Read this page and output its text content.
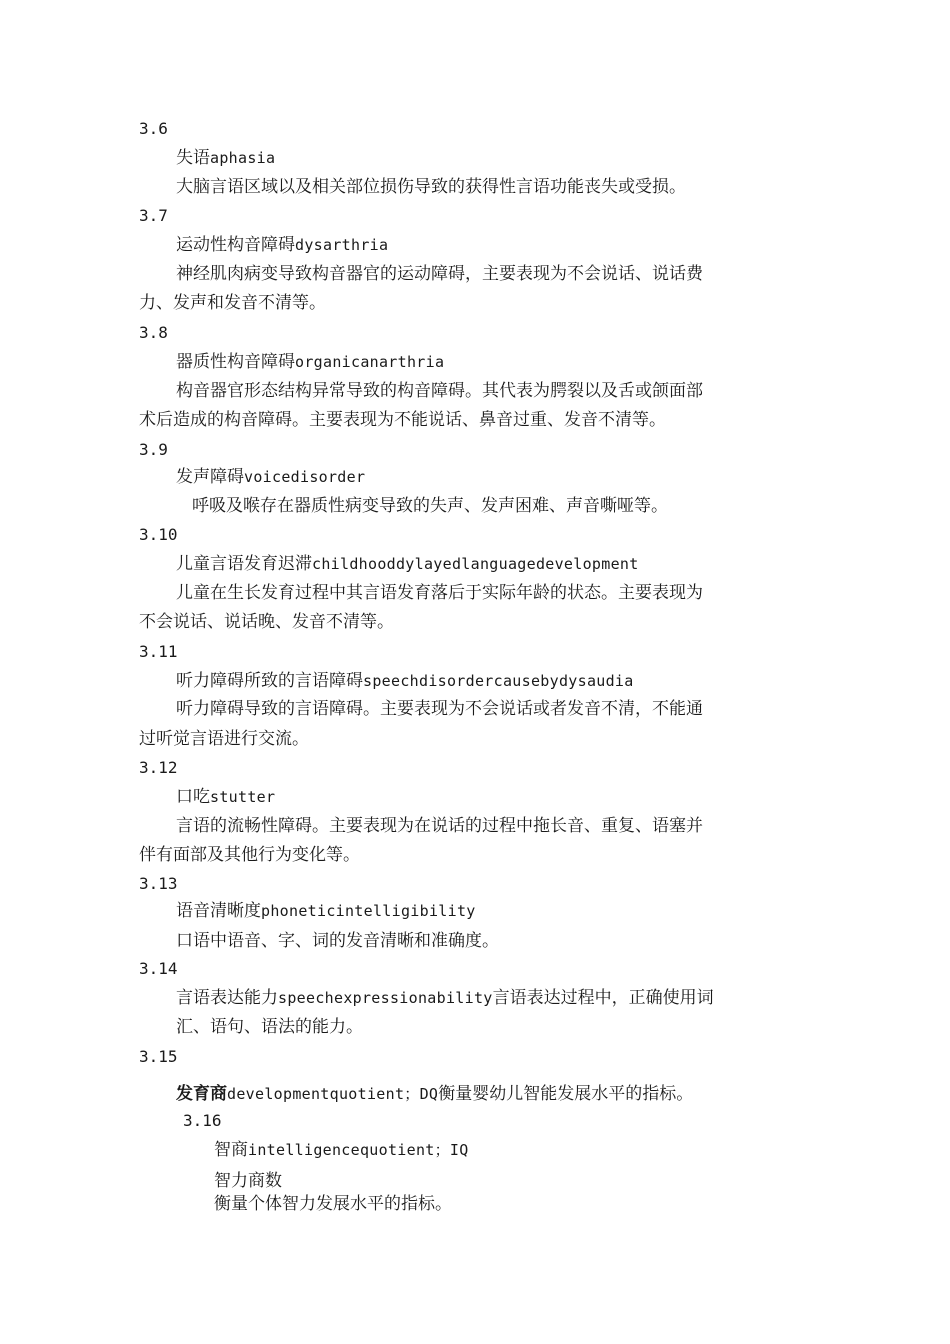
3.6
失语aphasia
大脑言语区域以及相关部位损伤导致的获得性言语功能丧失或受损。
3.7
运动性构音障碍dysarthria
神经肌肉病变导致构音器官的运动障碍，主要表现为不会说话、说话费
力、发声和发音不清等。
3.8
器质性构音障碍organicanarthria
构音器官形态结构异常导致的构音障碍。其代表为腭裂以及舌或颌面部
术后造成的构音障碍。主要表现为不能说话、鼻音过重、发音不清等。
3.9
发声障碍voicedisorder
呼吸及喉存在器质性病变导致的失声、发声困难、声音嘶哑等。
3.10
儿童言语发育迟滞childhooddylayedlanguagedevelopment
儿童在生长发育过程中其言语发育落后于实际年龄的状态。主要表现为
不会说话、说话晚、发音不清等。
3.11
听力障碍所致的言语障碍speechdisordercausebydysaudia
听力障碍导致的言语障碍。主要表现为不会说话或者发音不清，不能通
过听觉言语进行交流。
3.12
口吃stutter
言语的流畅性障碍。主要表现为在说话的过程中拖长音、重复、语塞并
伴有面部及其他行为变化等。
3.13
语音清晰度phoneticintelligibility
口语中语音、字、词的发音清晰和准确度。
3.14
言语表达能力speechexpressionability言语表达过程中，正确使用词
汇、语句、语法的能力。
3.15
发育商developmentquotient；DQ衡量婴幼儿智能发展水平的指标。
3.16
智商intelligencequotient；IQ
智力商数
衡量个体智力发展水平的指标。
